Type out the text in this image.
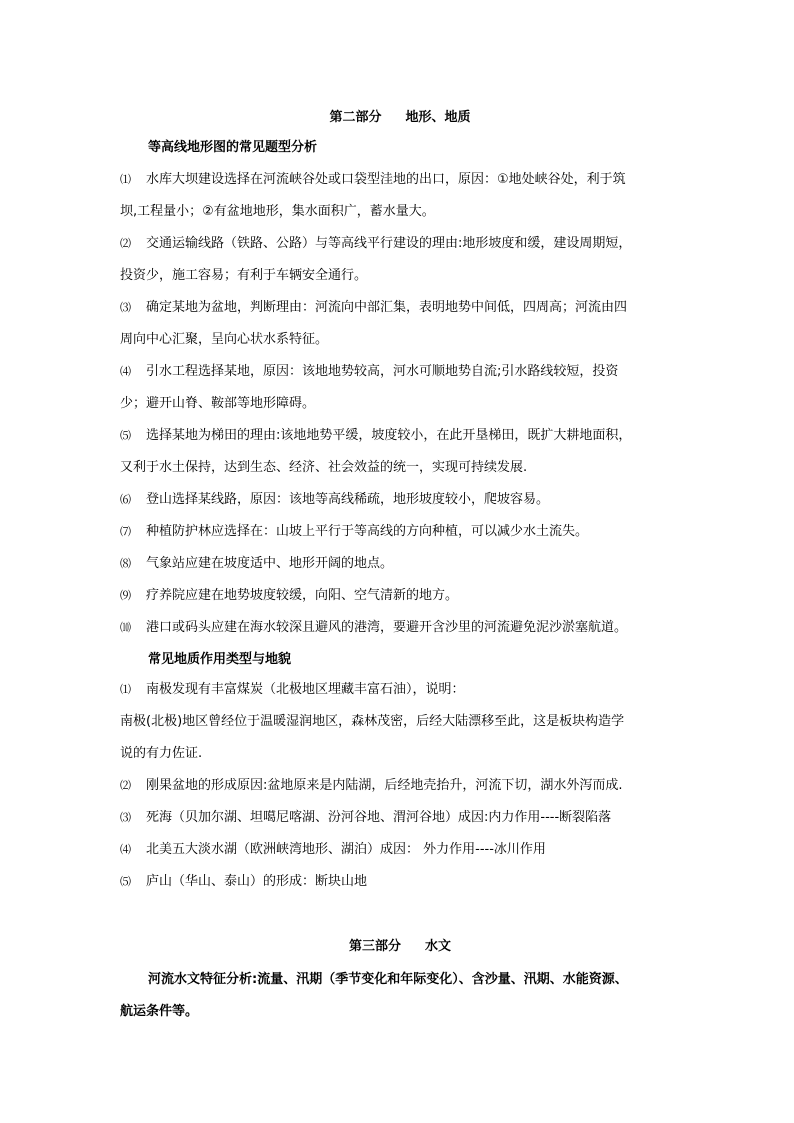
第二部分 地形、地质

等高线地形图的常见题型分析

⑴ 水库大坝建设选择在河流峡谷处或口袋型洼地的出口，原因：①地处峡谷处，利于筑

坝,工程量小；②有盆地地形，集水面积广，蓄水量大。

⑵ 交通运输线路（铁路、公路）与等高线平行建设的理由:地形坡度和缓，建设周期短，

投资少，施工容易；有利于车辆安全通行。

⑶ 确定某地为盆地，判断理由：河流向中部汇集，表明地势中间低，四周高；河流由四

周向中心汇聚，呈向心状水系特征。

⑷ 引水工程选择某地，原因：该地地势较高，河水可顺地势自流;引水路线较短，投资

少；避开山脊、鞍部等地形障碍。

⑸ 选择某地为梯田的理由:该地地势平缓，坡度较小，在此开垦梯田，既扩大耕地面积，

又利于水土保持，达到生态、经济、社会效益的统一，实现可持续发展.

⑹ 登山选择某线路，原因：该地等高线稀疏，地形坡度较小，爬坡容易。

⑺ 种植防护林应选择在：山坡上平行于等高线的方向种植，可以减少水土流失。

⑻ 气象站应建在坡度适中、地形开阔的地点。

⑼ 疗养院应建在地势坡度较缓，向阳、空气清新的地方。

⑽ 港口或码头应建在海水较深且避风的港湾，要避开含沙里的河流避免泥沙淤塞航道。

常见地质作用类型与地貌

⑴ 南极发现有丰富煤炭（北极地区埋藏丰富石油），说明：

南极(北极)地区曾经位于温暖湿润地区，森林茂密，后经大陆漂移至此，这是板块构造学

说的有力佐证.

⑵ 刚果盆地的形成原因:盆地原来是内陆湖，后经地壳抬升，河流下切，湖水外泻而成.

⑶ 死海（贝加尔湖、坦噶尼喀湖、汾河谷地、渭河谷地）成因:内力作用----断裂陷落

⑷ 北美五大淡水湖（欧洲峡湾地形、湖泊）成因： 外力作用----冰川作用

⑸ 庐山（华山、泰山）的形成：断块山地

第三部分 水文

河流水文特征分析:流量、汛期（季节变化和年际变化）、含沙量、汛期、水能资源、

航运条件等。
